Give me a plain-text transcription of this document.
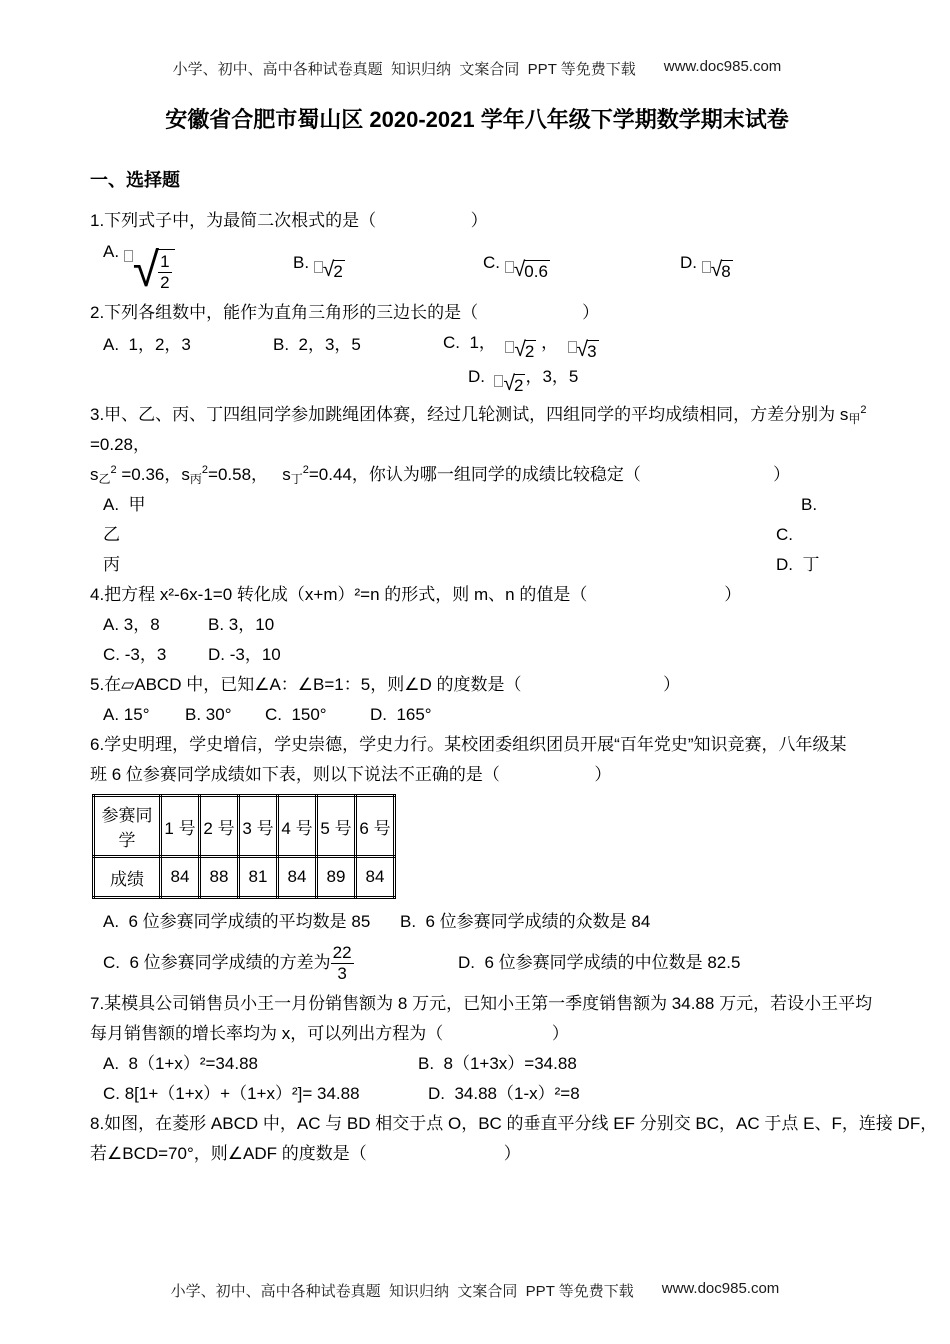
小学、初中、高中各种试卷真题  知识归纳  文案合同  PPT 等免费下载 www.doc985.com
安徽省合肥市蜀山区 2020-2021 学年八年级下学期数学期末试卷
一、选择题
1.下列式子中，为最简二次根式的是（                    ）
A. √ $\frac{1}{2}$	B. √ 2	C. √ 0.6	D. √ 8
2.下列各组数中，能作为直角三角形的三边长的是（                      ）
A.  1，2，3	B.  2，3，5	C.  1， √ 2 ， √ 3
D. √ 2 ，3，5
3.甲、乙、丙、丁四组同学参加跳绳团体赛，经过几轮测试，四组同学的平均成绩相同，方差分别为 s甲$^2$
=0.28，
s乙$^2$ =0.36，s丙$^2$=0.58，   s丁$^2$=0.44，你认为哪一组同学的成绩比较稳定（                            ）
A.  甲	B.
乙	C.
丙	D.  丁
4.把方程 x²-6x-1=0 转化成（x+m）²=n 的形式，则 m、n 的值是（                             ）
A. 3，8	B. 3，10
C. -3，3	D. -3，10
5.在▱ABCD 中，已知∠A：∠B=1：5，则∠D 的度数是（                              ）
A. 15°	B. 30°	C.  150°	D.  165°
6.学史明理，学史增信，学史崇德，学史力行。某校团委组织团员开展“百年党史”知识竞赛，八年级某
班 6 位参赛同学成绩如下表，则以下说法不正确的是（                    ）
参赛同学	1 号	2 号	3 号	4 号	5 号	6 号
成绩	84	88	81	84	89	84
A.  6 位参赛同学成绩的平均数是 85	B.  6 位参赛同学成绩的众数是 84
C.  6 位参赛同学成绩的方差为 $\frac{22}{3}$	D.  6 位参赛同学成绩的中位数是 82.5
7.某模具公司销售员小王一月份销售额为 8 万元，已知小王第一季度销售额为 34.88 万元，若设小王平均
每月销售额的增长率均为 x，可以列出方程为（                       ）
A.  8（1+x）²=34.88	B.  8（1+3x）=34.88
C. 8[1+（1+x）+（1+x）²]= 34.88	D.  34.88（1-x）²=8
8.如图，在菱形 ABCD 中，AC 与 BD 相交于点 O，BC 的垂直平分线 EF 分别交 BC，AC 于点 E、F，连接 DF，
若∠BCD=70°，则∠ADF 的度数是（                             ）
小学、初中、高中各种试卷真题  知识归纳  文案合同  PPT 等免费下载 www.doc985.com
